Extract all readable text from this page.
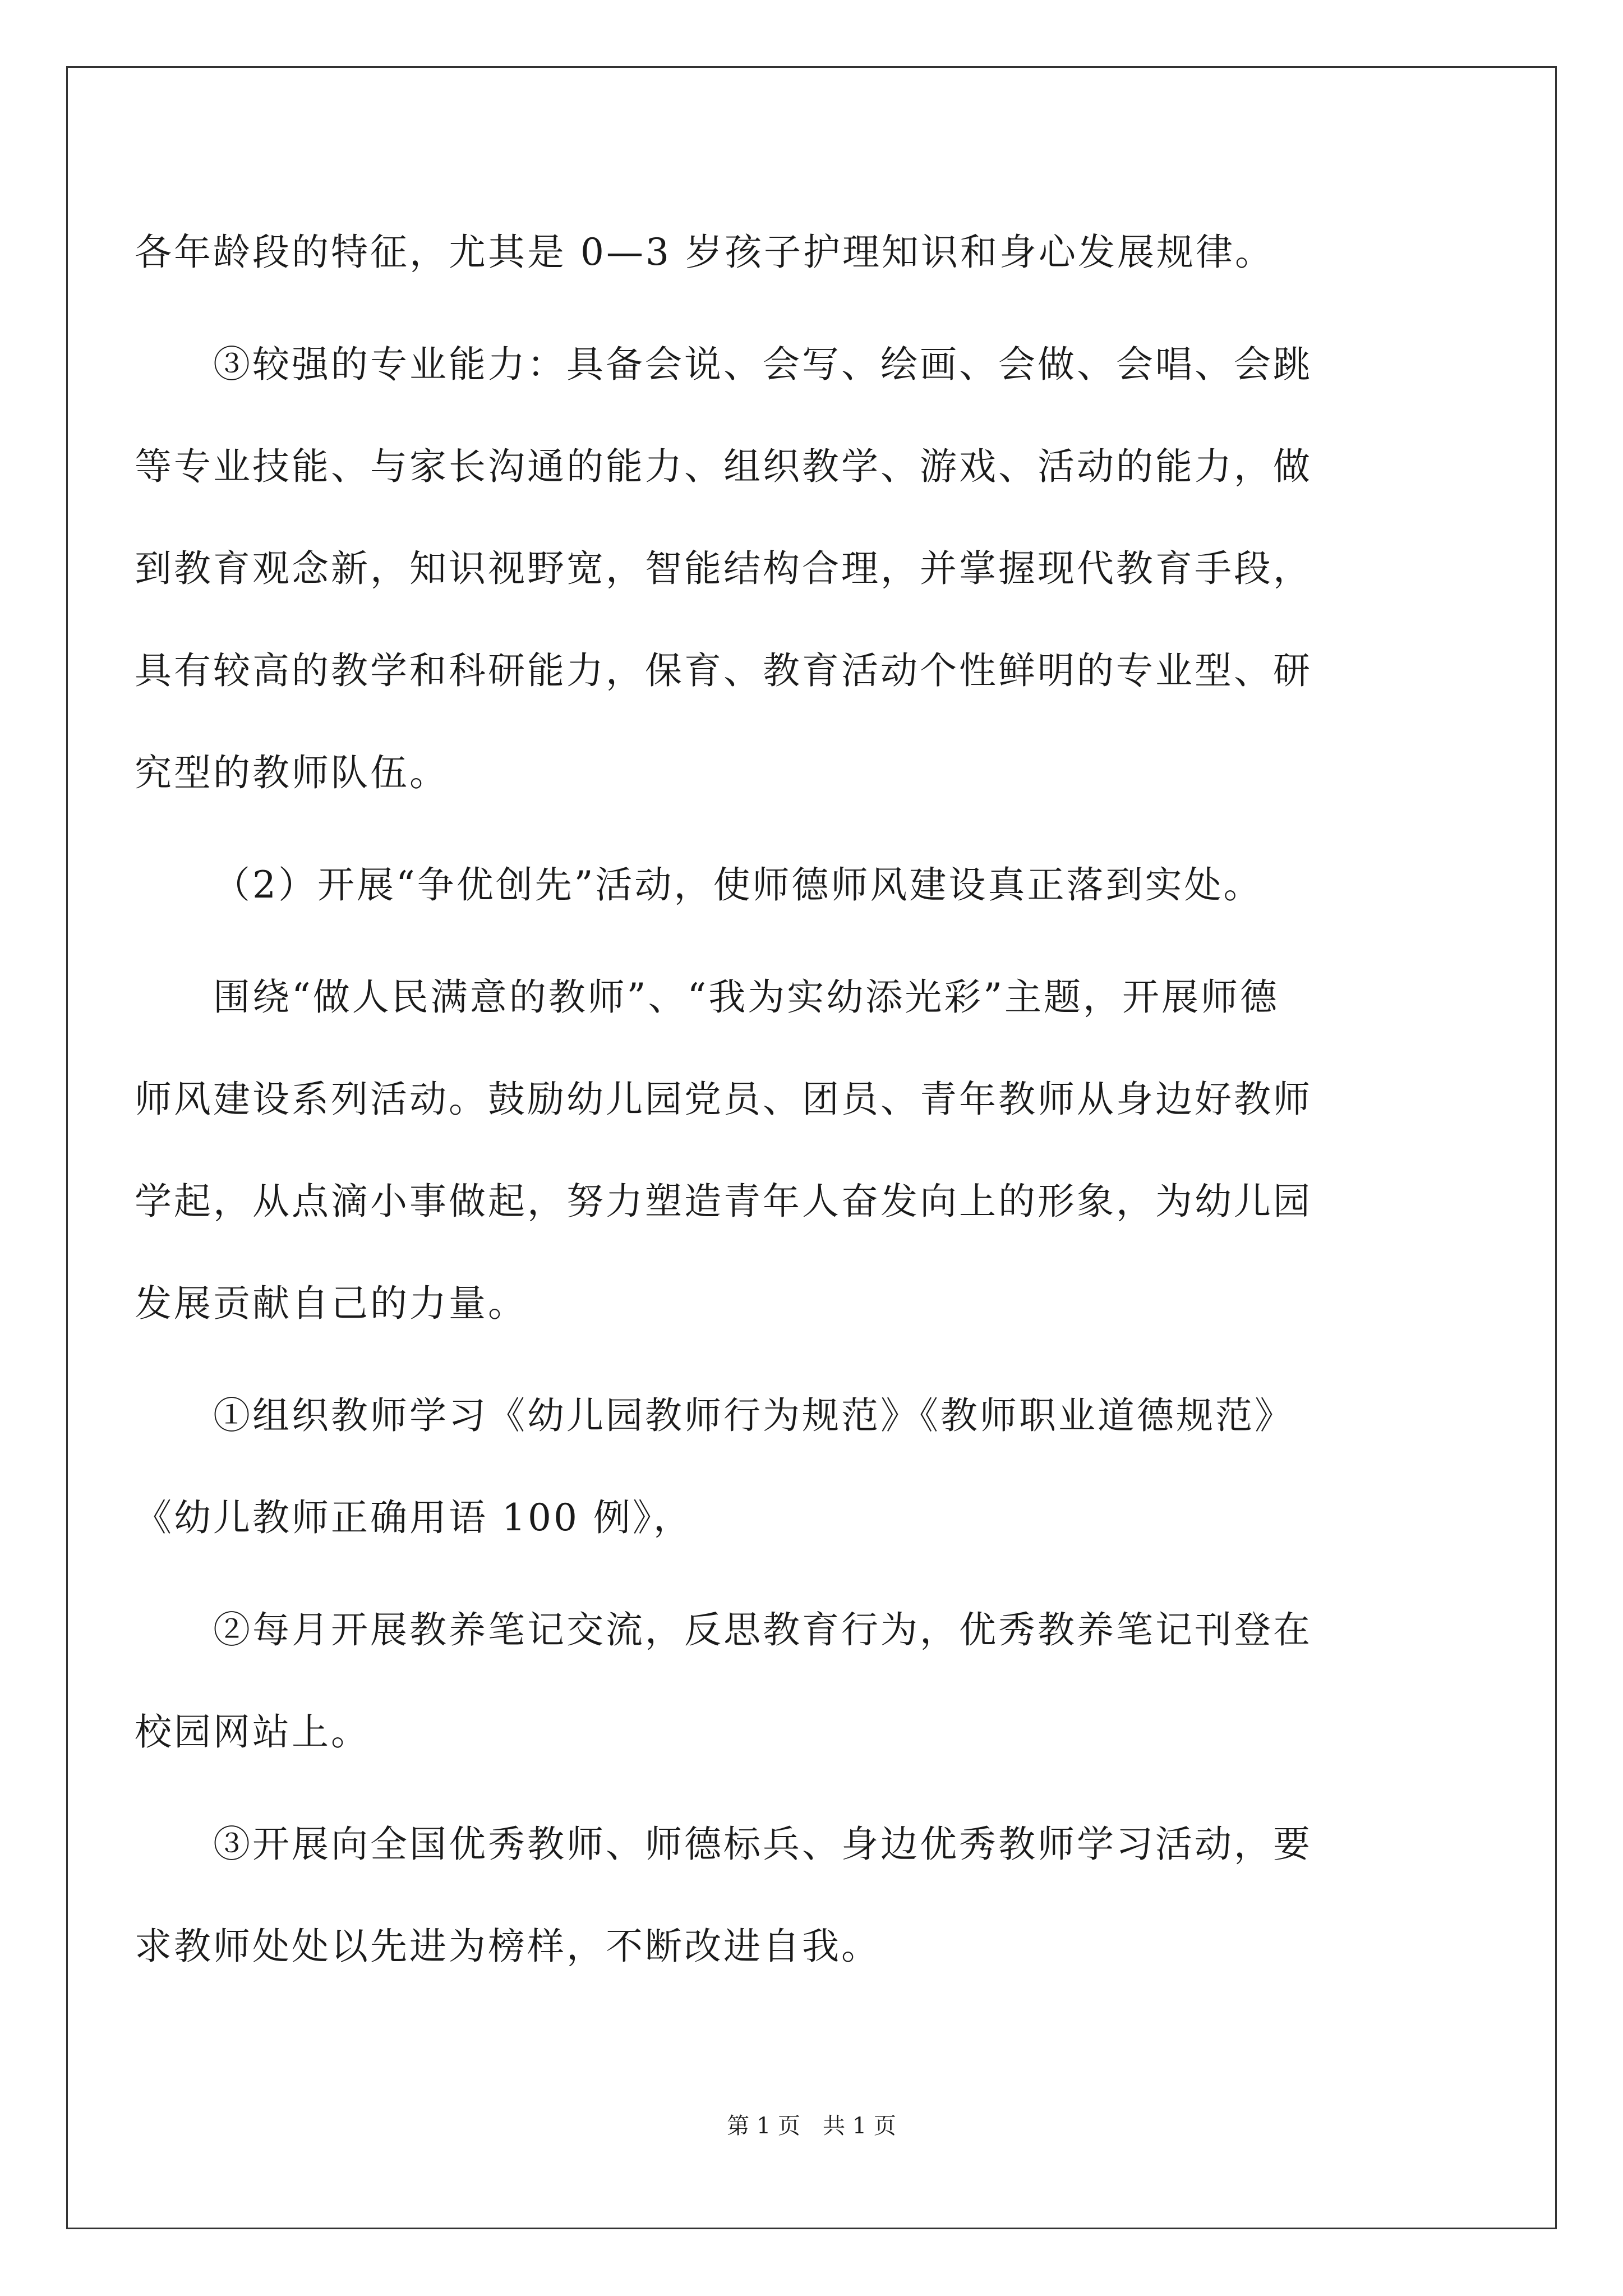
各年龄段的特征，尤其是 0—3 岁孩子护理知识和身心发展规律。
③较强的专业能力：具备会说、会写、绘画、会做、会唱、会跳
等专业技能、与家长沟通的能力、组织教学、游戏、活动的能力，做
到教育观念新，知识视野宽，智能结构合理，并掌握现代教育手段，
具有较高的教学和科研能力，保育、教育活动个性鲜明的专业型、研
究型的教师队伍。
（2）开展“争优创先”活动，使师德师风建设真正落到实处。
围绕“做人民满意的教师”、“我为实幼添光彩”主题，开展师德
师风建设系列活动。鼓励幼儿园党员、团员、青年教师从身边好教师
学起，从点滴小事做起，努力塑造青年人奋发向上的形象，为幼儿园
发展贡献自己的力量。
①组织教师学习《幼儿园教师行为规范》《教师职业道德规范》
《幼儿教师正确用语 100 例》，
②每月开展教养笔记交流，反思教育行为，优秀教养笔记刊登在
校园网站上。
③开展向全国优秀教师、师德标兵、身边优秀教师学习活动，要
求教师处处以先进为榜样，不断改进自我。
第 1 页　共 1 页
